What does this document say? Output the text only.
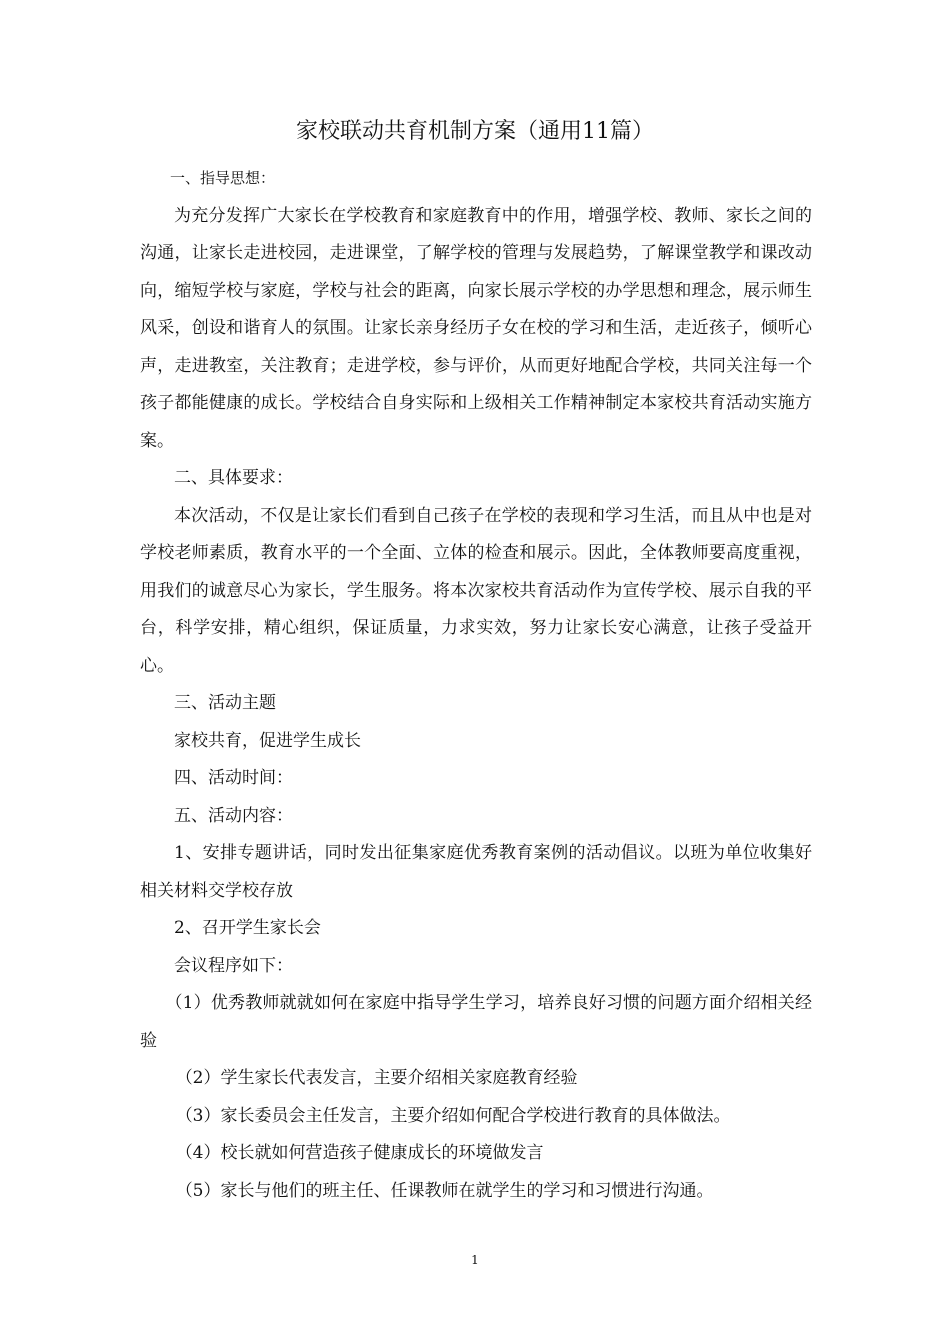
家校联动共育机制方案（通用11篇）

一、指导思想：

为充分发挥广大家长在学校教育和家庭教育中的作用，增强学校、教师、家长之间的沟通，让家长走进校园，走进课堂，了解学校的管理与发展趋势，了解课堂教学和课改动向，缩短学校与家庭，学校与社会的距离，向家长展示学校的办学思想和理念，展示师生风采，创设和谐育人的氛围。让家长亲身经历子女在校的学习和生活，走近孩子，倾听心声，走进教室，关注教育；走进学校，参与评价，从而更好地配合学校，共同关注每一个孩子都能健康的成长。学校结合自身实际和上级相关工作精神制定本家校共育活动实施方案。

二、具体要求：

本次活动，不仅是让家长们看到自己孩子在学校的表现和学习生活，而且从中也是对学校老师素质，教育水平的一个全面、立体的检查和展示。因此，全体教师要高度重视，用我们的诚意尽心为家长，学生服务。将本次家校共育活动作为宣传学校、展示自我的平台，科学安排，精心组织，保证质量，力求实效，努力让家长安心满意，让孩子受益开心。

三、活动主题

家校共育，促进学生成长

四、活动时间：

五、活动内容：

1、安排专题讲话，同时发出征集家庭优秀教育案例的活动倡议。以班为单位收集好相关材料交学校存放

2、召开学生家长会

会议程序如下：

（1）优秀教师就就如何在家庭中指导学生学习，培养良好习惯的问题方面介绍相关经验

（2）学生家长代表发言，主要介绍相关家庭教育经验

（3）家长委员会主任发言，主要介绍如何配合学校进行教育的具体做法。

（4）校长就如何营造孩子健康成长的环境做发言

（5）家长与他们的班主任、任课教师在就学生的学习和习惯进行沟通。

1
